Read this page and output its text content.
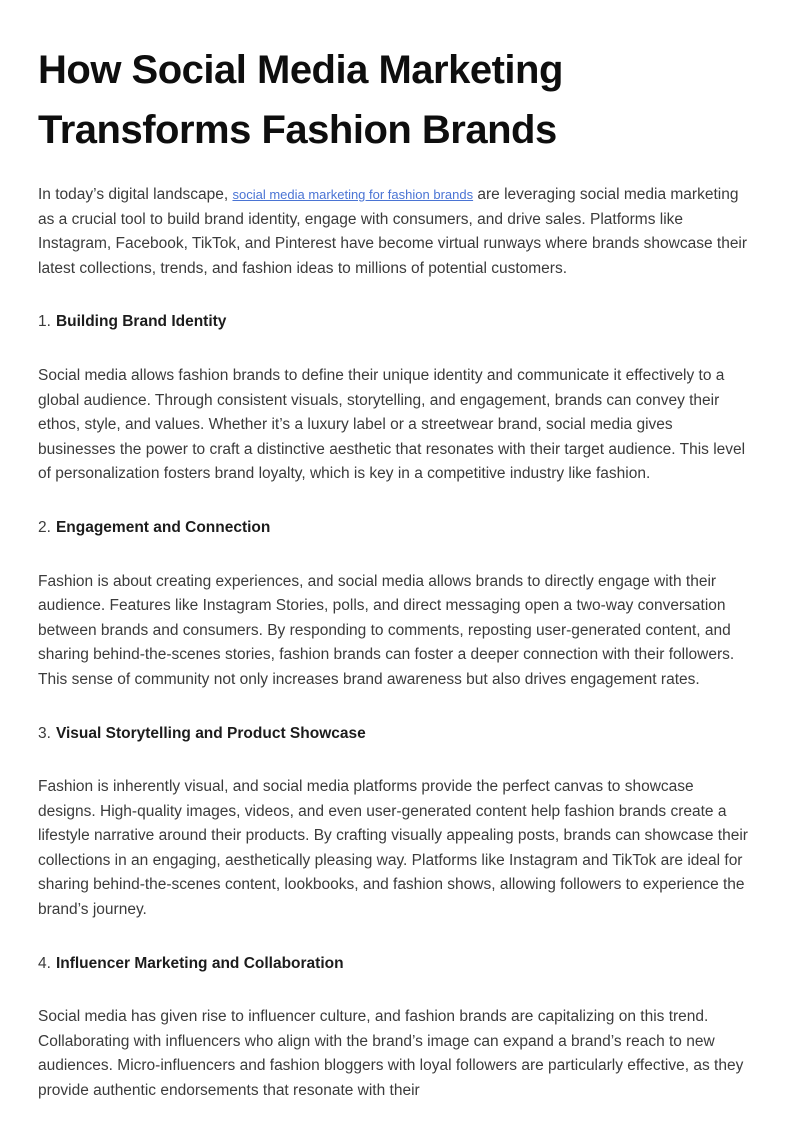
How Social Media Marketing
Transforms Fashion Brands

In today’s digital landscape, social media marketing for fashion brands are leveraging social media marketing as a crucial tool to build brand identity, engage with consumers, and drive sales. Platforms like Instagram, Facebook, TikTok, and Pinterest have become virtual runways where brands showcase their latest collections, trends, and fashion ideas to millions of potential customers.

1. Building Brand Identity

Social media allows fashion brands to define their unique identity and communicate it effectively to a global audience. Through consistent visuals, storytelling, and engagement, brands can convey their ethos, style, and values. Whether it’s a luxury label or a streetwear brand, social media gives businesses the power to craft a distinctive aesthetic that resonates with their target audience. This level of personalization fosters brand loyalty, which is key in a competitive industry like fashion.

2. Engagement and Connection

Fashion is about creating experiences, and social media allows brands to directly engage with their audience. Features like Instagram Stories, polls, and direct messaging open a two-way conversation between brands and consumers. By responding to comments, reposting user-generated content, and sharing behind-the-scenes stories, fashion brands can foster a deeper connection with their followers. This sense of community not only increases brand awareness but also drives engagement rates.

3. Visual Storytelling and Product Showcase

Fashion is inherently visual, and social media platforms provide the perfect canvas to showcase designs. High-quality images, videos, and even user-generated content help fashion brands create a lifestyle narrative around their products. By crafting visually appealing posts, brands can showcase their collections in an engaging, aesthetically pleasing way. Platforms like Instagram and TikTok are ideal for sharing behind-the-scenes content, lookbooks, and fashion shows, allowing followers to experience the brand’s journey.

4. Influencer Marketing and Collaboration

Social media has given rise to influencer culture, and fashion brands are capitalizing on this trend. Collaborating with influencers who align with the brand’s image can expand a brand’s reach to new audiences. Micro-influencers and fashion bloggers with loyal followers are particularly effective, as they provide authentic endorsements that resonate with their
